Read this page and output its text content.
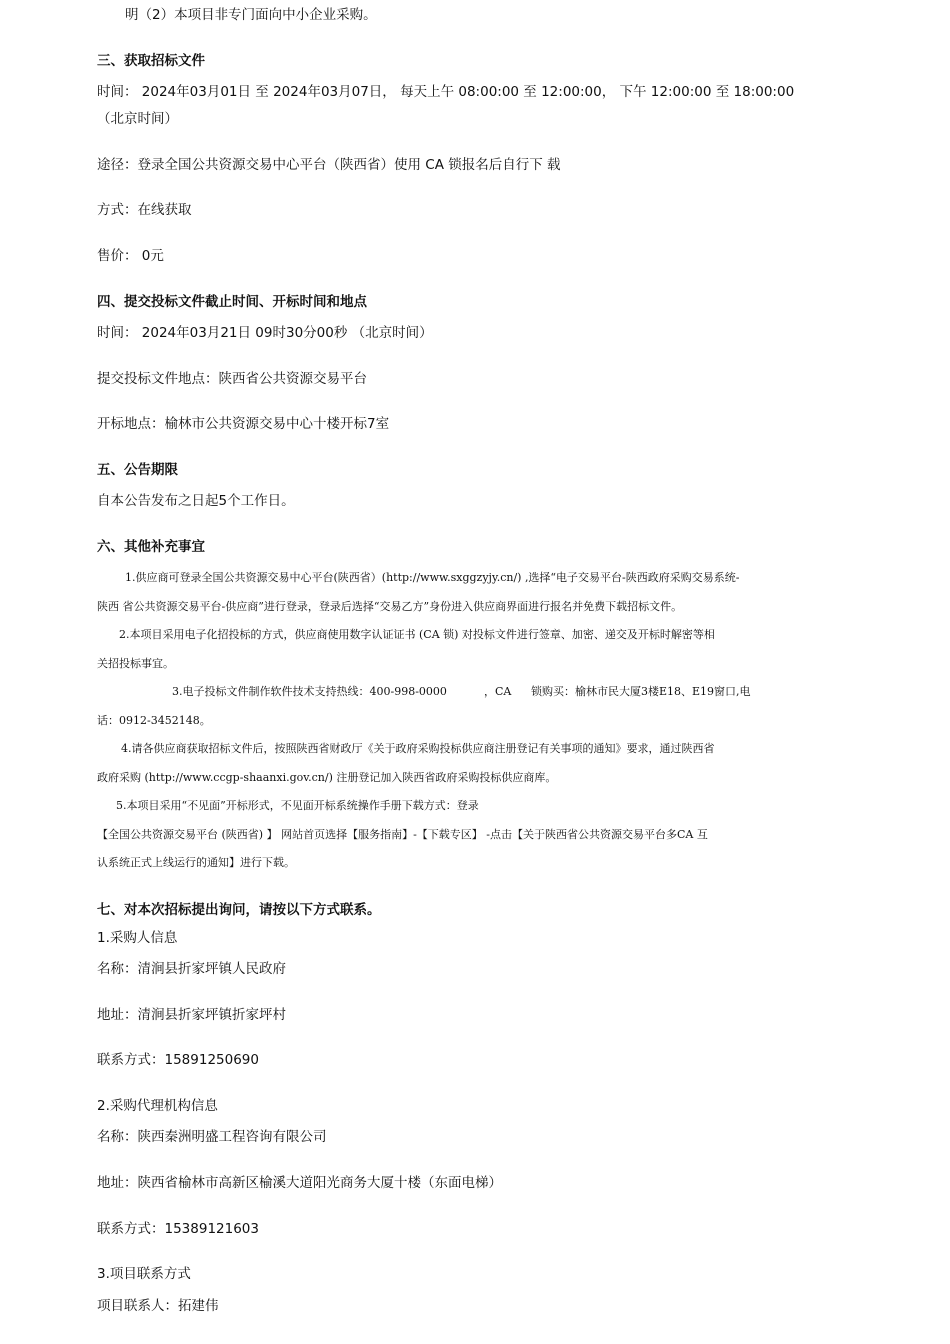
明（2）本项目非专门面向中小企业采购。
三、获取招标文件
时间： 2024年03月01日 至 2024年03月07日， 每天上午 08:00:00 至 12:00:00， 下午 12:00:00 至 18:00:00
（北京时间）
途径：登录全国公共资源交易中心平台（陕西省）使用 CA 锁报名后自行下 载
方式：在线获取
售价： 0元
四、提交投标文件截止时间、开标时间和地点
时间： 2024年03月21日 09时30分00秒 （北京时间）
提交投标文件地点：陕西省公共资源交易平台
开标地点：榆林市公共资源交易中心十楼开标7室
五、公告期限
自本公告发布之日起5个工作日。
六、其他补充事宜
1.供应商可登录全国公共资源交易中心平台(陕西省）(http://www.sxggzyjy.cn/) ,选择“电子交易平台-陕西政府采购交易系统-
陕西 省公共资源交易平台-供应商”进行登录，登录后选择“交易乙方”身份进入供应商界面进行报名并免费下载招标文件。
2.本项目采用电子化招投标的方式，供应商使用数字认证证书 (CA 锁) 对投标文件进行签章、加密、递交及开标时解密等相
关招投标事宜。
3.电子投标文件制作软件技术支持热线：400-998-0000	，CA	锁购买：榆林市民大厦3楼E18、E19窗口,电
话：0912-3452148。
4.请各供应商获取招标文件后，按照陕西省财政厅《关于政府采购投标供应商注册登记有关事项的通知》要求，通过陕西省
政府采购 (http://www.ccgp-shaanxi.gov.cn/) 注册登记加入陕西省政府采购投标供应商库。
5.本项目采用“不见面”开标形式，不见面开标系统操作手册下载方式：登录
【全国公共资源交易平台 (陕西省) 】 网站首页选择【服务指南】-【下载专区】 -点击【关于陕西省公共资源交易平台多CA 互
认系统正式上线运行的通知】进行下载。
七、对本次招标提出询问，请按以下方式联系。
1.采购人信息
名称：清涧县折家坪镇人民政府
地址：清涧县折家坪镇折家坪村
联系方式：15891250690
2.采购代理机构信息
名称：陕西秦洲明盛工程咨询有限公司
地址：陕西省榆林市高新区榆溪大道阳光商务大厦十楼（东面电梯）
联系方式：15389121603
3.项目联系方式
项目联系人：拓建伟
